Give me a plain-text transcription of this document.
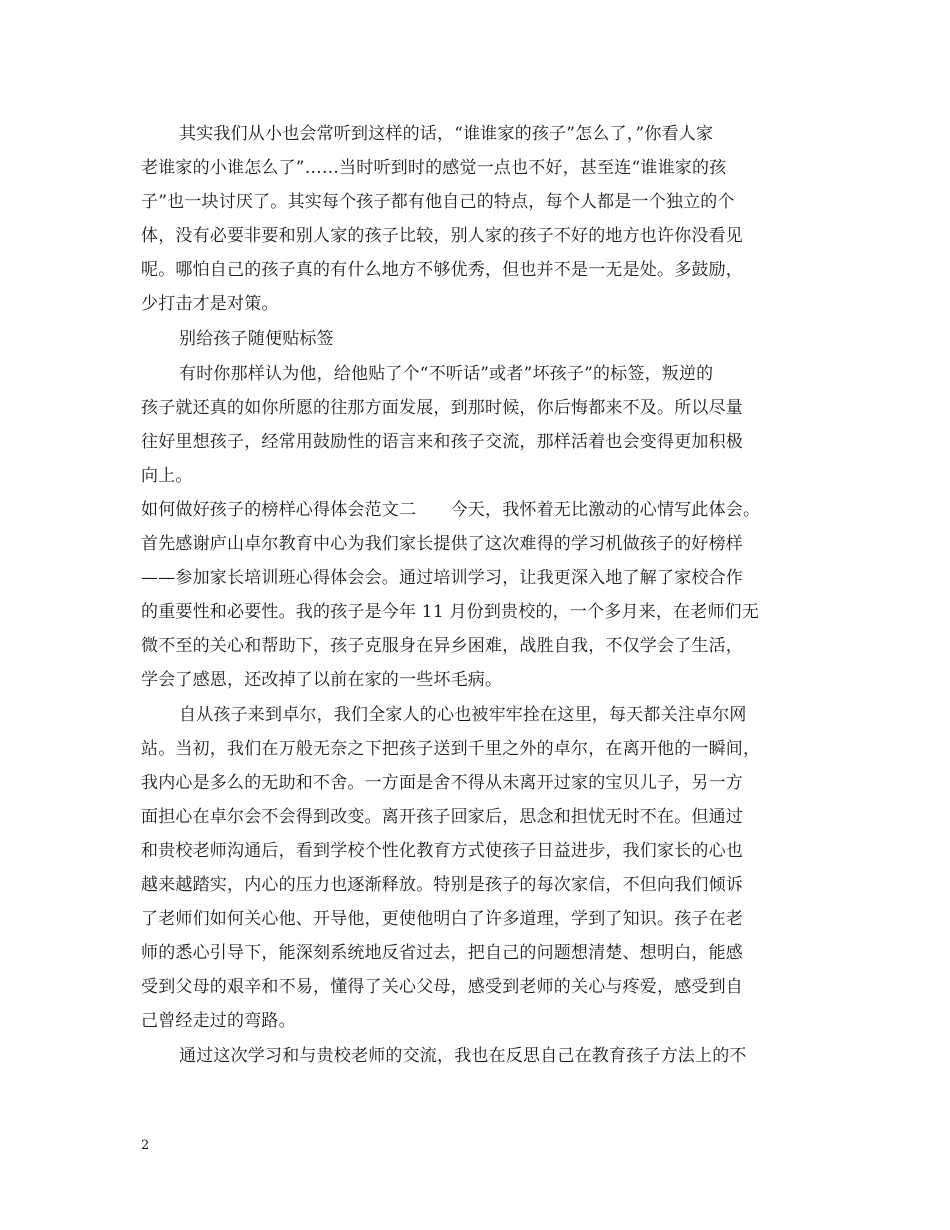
其实我们从小也会常听到这样的话，“谁谁家的孩子”怎么了，”你看人家
老谁家的小谁怎么了”……当时听到时的感觉一点也不好，甚至连“谁谁家的孩
子”也一块讨厌了。其实每个孩子都有他自己的特点，每个人都是一个独立的个
体，没有必要非要和别人家的孩子比较，别人家的孩子不好的地方也许你没看见
呢。哪怕自己的孩子真的有什么地方不够优秀，但也并不是一无是处。多鼓励，
少打击才是对策。
别给孩子随便贴标签
有时你那样认为他，给他贴了个“不听话”或者”坏孩子”的标签，叛逆的
孩子就还真的如你所愿的往那方面发展，到那时候，你后悔都来不及。所以尽量
往好里想孩子，经常用鼓励性的语言来和孩子交流，那样活着也会变得更加积极
向上。
如何做好孩子的榜样心得体会范文二　　今天，我怀着无比激动的心情写此体会。
首先感谢庐山卓尔教育中心为我们家长提供了这次难得的学习机做孩子的好榜样
——参加家长培训班心得体会会。通过培训学习，让我更深入地了解了家校合作
的重要性和必要性。我的孩子是今年 11 月份到贵校的，一个多月来，在老师们无
微不至的关心和帮助下，孩子克服身在异乡困难，战胜自我，不仅学会了生活，
学会了感恩，还改掉了以前在家的一些坏毛病。
自从孩子来到卓尔，我们全家人的心也被牢牢拴在这里，每天都关注卓尔网
站。当初，我们在万般无奈之下把孩子送到千里之外的卓尔，在离开他的一瞬间，
我内心是多么的无助和不舍。一方面是舍不得从未离开过家的宝贝儿子，另一方
面担心在卓尔会不会得到改变。离开孩子回家后，思念和担忧无时不在。但通过
和贵校老师沟通后，看到学校个性化教育方式使孩子日益进步，我们家长的心也
越来越踏实，内心的压力也逐渐释放。特别是孩子的每次家信，不但向我们倾诉
了老师们如何关心他、开导他，更使他明白了许多道理，学到了知识。孩子在老
师的悉心引导下，能深刻系统地反省过去，把自己的问题想清楚、想明白，能感
受到父母的艰辛和不易，懂得了关心父母，感受到老师的关心与疼爱，感受到自
己曾经走过的弯路。
通过这次学习和与贵校老师的交流，我也在反思自己在教育孩子方法上的不
2
